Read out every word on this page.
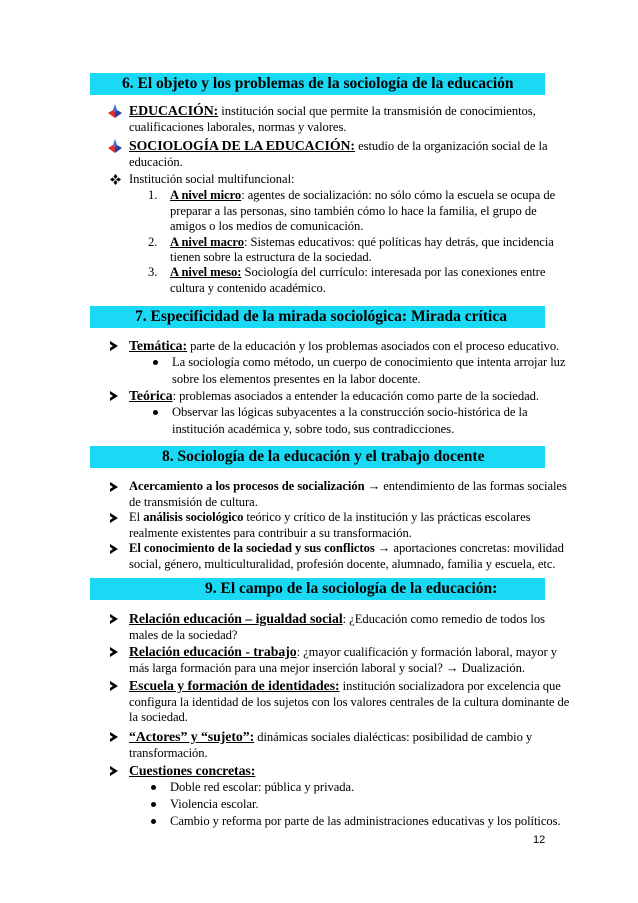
6. El objeto y los problemas de la sociología de la educación
EDUCACIÓN: institución social que permite la transmisión de conocimientos,
cualificaciones laborales, normas y valores.
SOCIOLOGÍA DE LA EDUCACIÓN: estudio de la organización social de la
educación.
Institución social multifuncional:
1. A nivel micro: agentes de socialización: no sólo cómo la escuela se ocupa de
preparar a las personas, sino también cómo lo hace la familia, el grupo de
amigos o los medios de comunicación.
2. A nivel macro: Sistemas educativos: qué políticas hay detrás, que incidencia
tienen sobre la estructura de la sociedad.
3. A nivel meso: Sociología del currículo: interesada por las conexiones entre
cultura y contenido académico.
7. Especificidad de la mirada sociológica: Mirada crítica
Temática: parte de la educación y los problemas asociados con el proceso educativo.
La sociología como método, un cuerpo de conocimiento que intenta arrojar luz
sobre los elementos presentes en la labor docente.
Teórica: problemas asociados a entender la educación como parte de la sociedad.
Observar las lógicas subyacentes a la construcción socio-histórica de la
institución académica y, sobre todo, sus contradicciones.
8. Sociología de la educación y el trabajo docente
Acercamiento a los procesos de socialización → entendimiento de las formas sociales
de transmisión de cultura.
El análisis sociológico teórico y crítico de la institución y las prácticas escolares
realmente existentes para contribuir a su transformación.
El conocimiento de la sociedad y sus conflictos → aportaciones concretas: movilidad
social, género, multiculturalidad, profesión docente, alumnado, familia y escuela, etc.
9. El campo de la sociología de la educación:
Relación educación – igualdad social: ¿Educación como remedio de todos los
males de la sociedad?
Relación educación - trabajo: ¿mayor cualificación y formación laboral, mayor y
más larga formación para una mejor inserción laboral y social? → Dualización.
Escuela y formación de identidades: institución socializadora por excelencia que
configura la identidad de los sujetos con los valores centrales de la cultura dominante de
la sociedad.
“Actores” y “sujeto”: dinámicas sociales dialécticas: posibilidad de cambio y
transformación.
Cuestiones concretas:
Doble red escolar: pública y privada.
Violencia escolar.
Cambio y reforma por parte de las administraciones educativas y los políticos.
12
